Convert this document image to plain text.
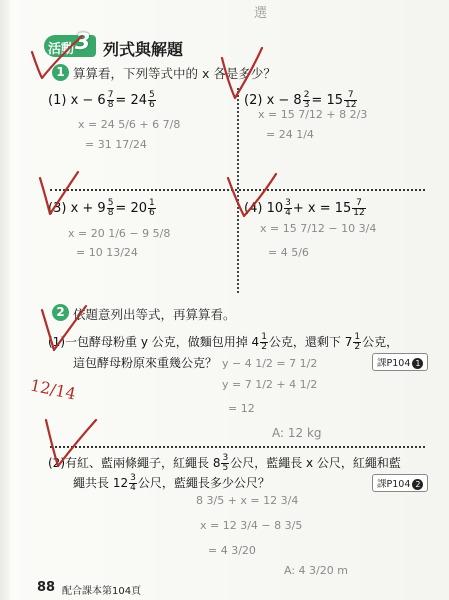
選
活動 3 列式與解題
1 算算看，下列等式中的 x 各是多少？
(1) $x - 6 \frac{7}{8} = 24 \frac{5}{6}$	(2) $x - 8 \frac{2}{3} = 15 \frac{7}{12}$
x = 24 5/6 + 6 7/8
= 31 17/24
x = 15 7/12 + 8 2/3
= 24 1/4
(3) $x + 9 \frac{5}{8} = 20 \frac{1}{6}$	(4) $10 \frac{3}{4} + x = 15 \frac{7}{12}$
x = 20 1/6 − 9 5/8
= 10 13/24
x = 15 7/12 − 10 3/4
= 4 5/6
2 依題意列出等式，再算算看。
(1)一包酵母粉重 y 公克，做麵包用掉 $4 \frac{1}{2}$ 公克，還剩下 $7 \frac{1}{2}$ 公克，
這包酵母粉原來重幾公克？	課P104 1
y − 4 1/2 = 7 1/2
y = 7 1/2 + 4 1/2
= 12
A: 12 kg
(2)有紅、藍兩條繩子，紅繩長 $8 \frac{3}{5}$ 公尺，藍繩長 x 公尺，紅繩和藍
繩共長 $12 \frac{3}{4}$ 公尺，藍繩長多少公尺？	課P104 2
8 3/5 + x = 12 3/4
x = 12 3/4 − 8 3/5
= 4 3/20
A: 4 3/20 m
12/14
88 配合課本第104頁
